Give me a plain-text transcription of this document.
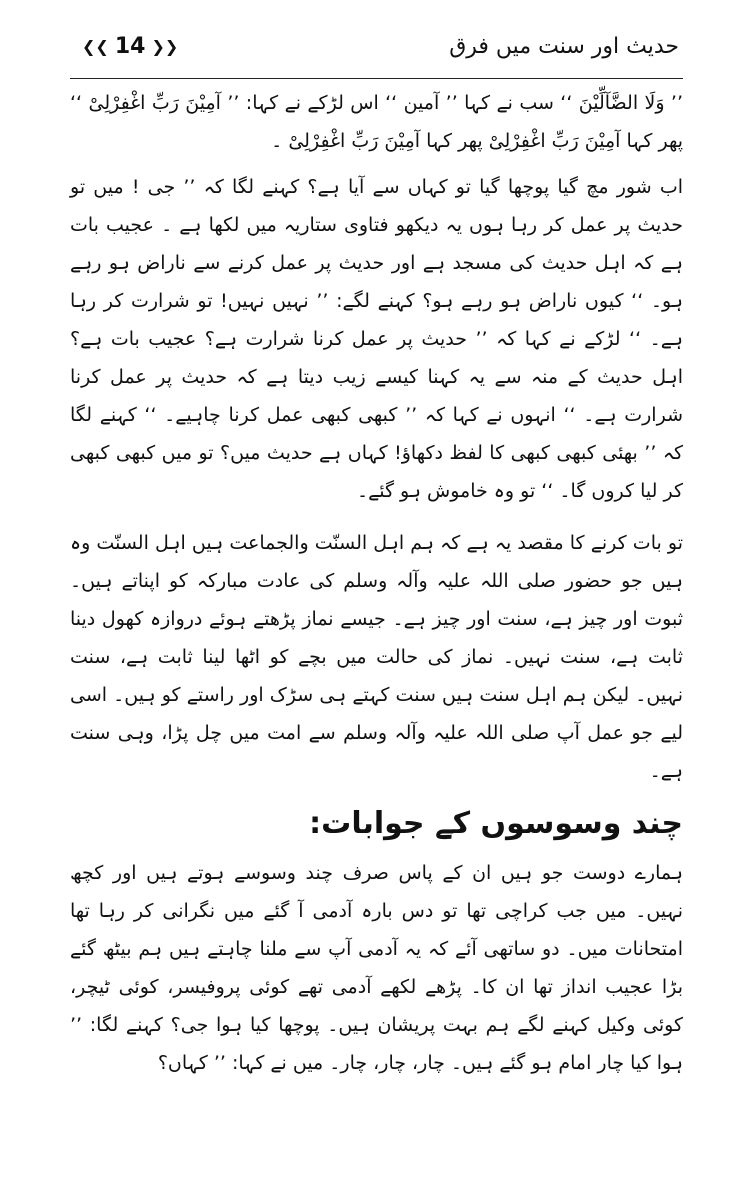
❮❮ 14 ❯❯	حدیث اور سنت میں فرق

’’ وَلَا الضَّآلِّیْنَ ‘‘ سب نے کہا ’’ آمین ‘‘ اس لڑکے نے کہا: ’’ آمِیْنَ رَبِّ اغْفِرْلِیْ ‘‘ پھر کہا آمِیْنَ رَبِّ اغْفِرْلِیْ پھر کہا آمِیْنَ رَبِّ اغْفِرْلِیْ ۔

اب شور مچ گیا پوچھا گیا تو کہاں سے آیا ہے؟ کہنے لگا کہ ’’ جی ! میں تو حدیث پر عمل کر رہا ہوں یہ دیکھو فتاوی ستاریہ میں لکھا ہے ۔ عجیب بات ہے کہ اہل حدیث کی مسجد ہے اور حدیث پر عمل کرنے سے ناراض ہو رہے ہو۔ ‘‘ کیوں ناراض ہو رہے ہو؟ کہنے لگے: ’’ نہیں نہیں! تو شرارت کر رہا ہے۔ ‘‘ لڑکے نے کہا کہ ’’ حدیث پر عمل کرنا شرارت ہے؟ عجیب بات ہے؟ اہل حدیث کے منہ سے یہ کہنا کیسے زیب دیتا ہے کہ حدیث پر عمل کرنا شرارت ہے۔ ‘‘ انہوں نے کہا کہ ’’ کبھی کبھی عمل کرنا چاہیے۔ ‘‘ کہنے لگا کہ ’’ بھئی کبھی کبھی کا لفظ دکھاؤ! کہاں ہے حدیث میں؟ تو میں کبھی کبھی کر لیا کروں گا۔ ‘‘ تو وہ خاموش ہو گئے۔

تو بات کرنے کا مقصد یہ ہے کہ ہم اہل السنّت والجماعت ہیں اہل السنّت وہ ہیں جو حضور صلی اللہ علیہ وآلہ وسلم کی عادت مبارکہ کو اپناتے ہیں۔ ثبوت اور چیز ہے، سنت اور چیز ہے۔ جیسے نماز پڑھتے ہوئے دروازہ کھول دینا ثابت ہے، سنت نہیں۔ نماز کی حالت میں بچے کو اٹھا لینا ثابت ہے، سنت نہیں۔ لیکن ہم اہل سنت ہیں سنت کہتے ہی سڑک اور راستے کو ہیں۔ اسی لیے جو عمل آپ صلی اللہ علیہ وآلہ وسلم سے امت میں چل پڑا، وہی سنت ہے۔

چند وسوسوں کے جوابات:

ہمارے دوست جو ہیں ان کے پاس صرف چند وسوسے ہوتے ہیں اور کچھ نہیں۔ میں جب کراچی تھا تو دس بارہ آدمی آ گئے میں نگرانی کر رہا تھا امتحانات میں۔ دو ساتھی آئے کہ یہ آدمی آپ سے ملنا چاہتے ہیں ہم بیٹھ گئے بڑا عجیب انداز تھا ان کا۔ پڑھے لکھے آدمی تھے کوئی پروفیسر، کوئی ٹیچر، کوئی وکیل کہنے لگے ہم بہت پریشان ہیں۔ پوچھا کیا ہوا جی؟ کہنے لگا: ’’ ہوا کیا چار امام ہو گئے ہیں۔ چار، چار، چار۔ میں نے کہا: ’’ کہاں؟
